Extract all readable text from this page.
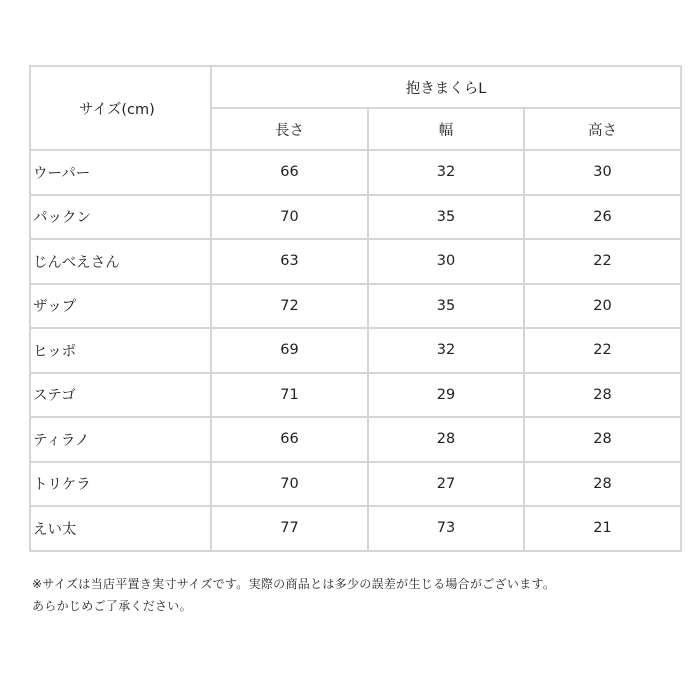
サイズ(cm)	抱きまくらL		
	長さ	幅	高さ
ウーパー	66	32	30
パックン	70	35	26
じんべえさん	63	30	22
ザップ	72	35	20
ヒッポ	69	32	22
ステゴ	71	29	28
ティラノ	66	28	28
トリケラ	70	27	28
えい太	77	73	21

※サイズは当店平置き実寸サイズです。実際の商品とは多少の誤差が生じる場合がございます。

あらかじめご了承ください。
